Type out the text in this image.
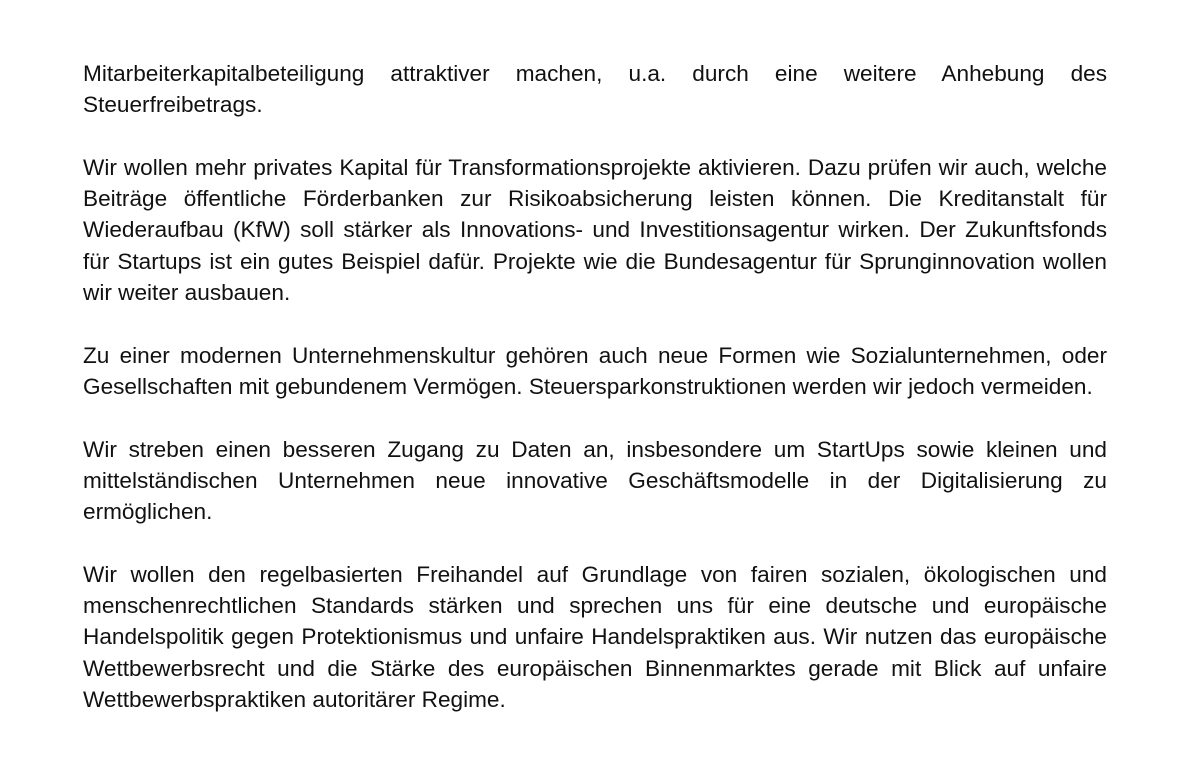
Mitarbeiterkapitalbeteiligung attraktiver machen, u.a. durch eine weitere Anhebung des Steuerfreibetrags.

Wir wollen mehr privates Kapital für Transformationsprojekte aktivieren. Dazu prüfen wir auch, welche Beiträge öffentliche Förderbanken zur Risikoabsicherung leisten können. Die Kreditanstalt für Wiederaufbau (KfW) soll stärker als Innovations- und Investitionsagentur wirken. Der Zukunftsfonds für Startups ist ein gutes Beispiel dafür. Projekte wie die Bundesagentur für Sprunginnovation wollen wir weiter ausbauen.

Zu einer modernen Unternehmenskultur gehören auch neue Formen wie Sozialunternehmen, oder Gesellschaften mit gebundenem Vermögen. Steuersparkonstruktionen werden wir jedoch vermeiden.

Wir streben einen besseren Zugang zu Daten an, insbesondere um StartUps sowie kleinen und mittelständischen Unternehmen neue innovative Geschäftsmodelle in der Digitalisierung zu ermöglichen.

Wir wollen den regelbasierten Freihandel auf Grundlage von fairen sozialen, ökologischen und menschenrechtlichen Standards stärken und sprechen uns für eine deutsche und europäische Handelspolitik gegen Protektionismus und unfaire Handelspraktiken aus. Wir nutzen das europäische Wettbewerbsrecht und die Stärke des europäischen Binnenmarktes gerade mit Blick auf unfaire Wettbewerbspraktiken autoritärer Regime.
